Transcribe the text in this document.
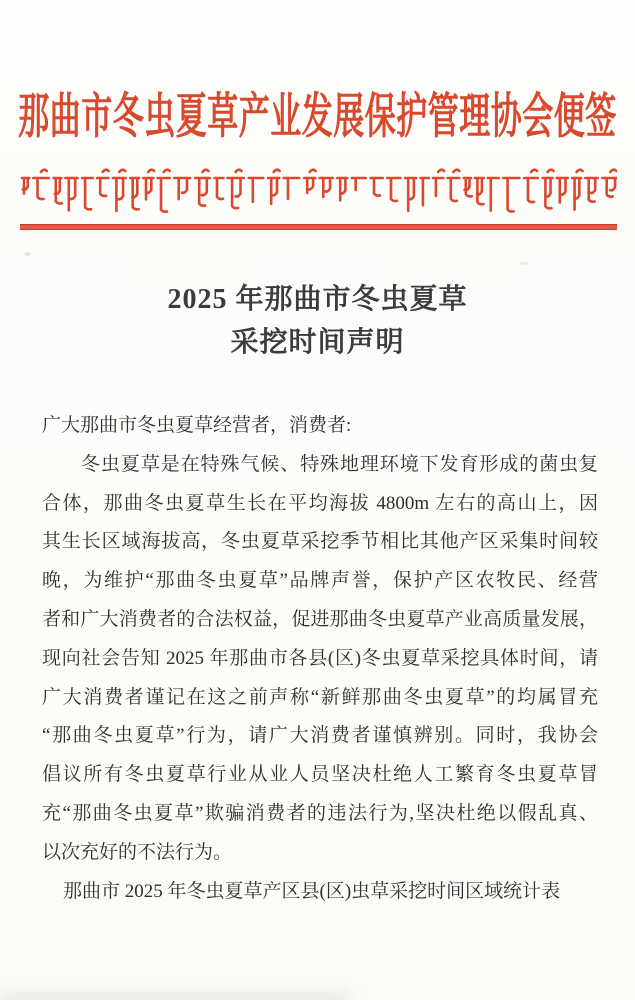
那曲市冬虫夏草产业发展保护管理协会便签
2025 年那曲市冬虫夏草
采挖时间声明

广大那曲市冬虫夏草经营者，消费者:

冬虫夏草是在特殊气候、特殊地理环境下发育形成的菌虫复

合体，那曲冬虫夏草生长在平均海拔 4800m 左右的高山上，因

其生长区域海拔高，冬虫夏草采挖季节相比其他产区采集时间较

晚，为维护“那曲冬虫夏草”品牌声誉，保护产区农牧民、经营

者和广大消费者的合法权益，促进那曲冬虫夏草产业高质量发展，

现向社会告知 2025 年那曲市各县(区)冬虫夏草采挖具体时间，请

广大消费者谨记在这之前声称“新鲜那曲冬虫夏草”的均属冒充

“那曲冬虫夏草”行为，请广大消费者谨慎辨别。同时，我协会

倡议所有冬虫夏草行业从业人员坚决杜绝人工繁育冬虫夏草冒

充“那曲冬虫夏草”欺骗消费者的违法行为,坚决杜绝以假乱真、

以次充好的不法行为。

那曲市 2025 年冬虫夏草产区县(区)虫草采挖时间区域统计表
